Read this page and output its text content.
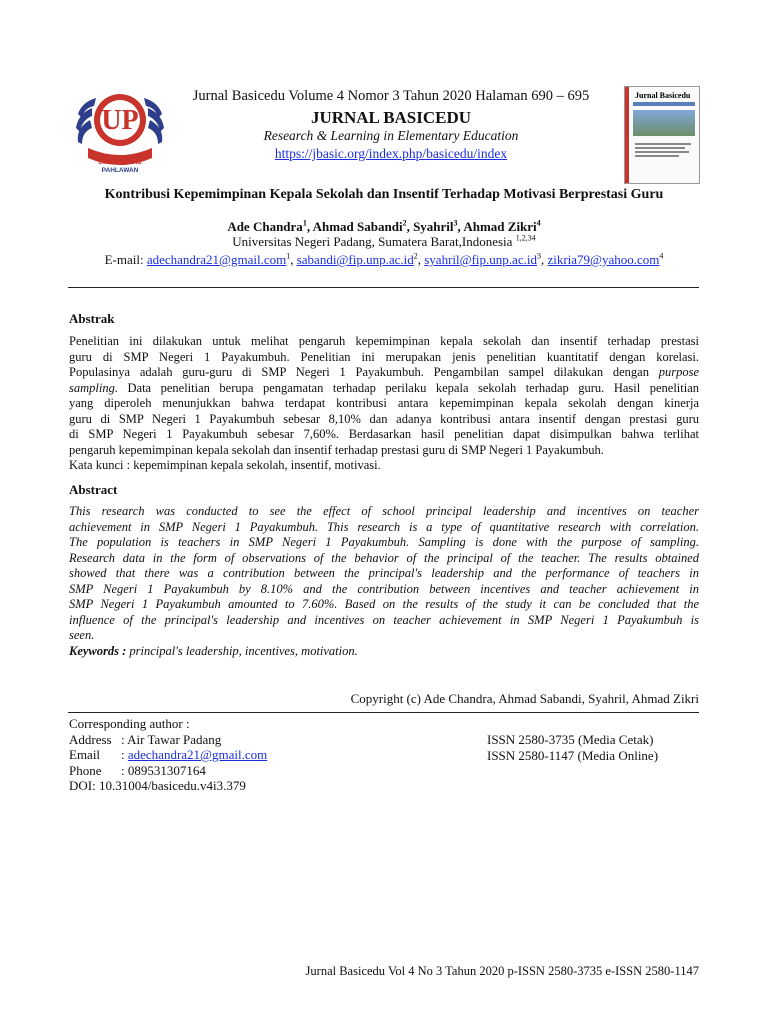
UP
UNIVERSITAS
PAHLAWAN
Jurnal Basicedu Volume 4 Nomor 3 Tahun 2020 Halaman 690 – 695
JURNAL BASICEDU
Research & Learning in Elementary Education
https://jbasic.org/index.php/basicedu/index
Jurnal Basicedu
Kontribusi Kepemimpinan Kepala Sekolah dan Insentif Terhadap Motivasi Berprestasi Guru
Ade Chandra$^1$, Ahmad Sabandi$^2$, Syahril$^3$, Ahmad Zikri$^4$
Universitas Negeri Padang, Sumatera Barat,Indonesia $^{1,2,34}$
E-mail: adechandra21@gmail.com$^1$, $sabandi@fip.unp.ac.id^2$, $syahril@fip.unp.ac.id^3$, zikria79@yahoo.com$^4$
Abstrak
Penelitian ini dilakukan untuk melihat pengaruh kepemimpinan kepala sekolah dan insentif terhadap prestasi
guru di SMP Negeri 1 Payakumbuh. Penelitian ini merupakan jenis penelitian kuantitatif dengan korelasi.
Populasinya adalah guru-guru di SMP Negeri 1 Payakumbuh. Pengambilan sampel dilakukan dengan purpose
sampling. Data penelitian berupa pengamatan terhadap perilaku kepala sekolah terhadap guru. Hasil penelitian
yang diperoleh menunjukkan bahwa terdapat kontribusi antara kepemimpinan kepala sekolah dengan kinerja
guru di SMP Negeri 1 Payakumbuh sebesar 8,10% dan adanya kontribusi antara insentif dengan prestasi guru
di SMP Negeri 1 Payakumbuh sebesar 7,60%. Berdasarkan hasil penelitian dapat disimpulkan bahwa terlihat
pengaruh kepemimpinan kepala sekolah dan insentif terhadap prestasi guru di SMP Negeri 1 Payakumbuh.
Kata kunci : kepemimpinan kepala sekolah, insentif, motivasi.
Abstract
This research was conducted to see the effect of school principal leadership and incentives on teacher
achievement in SMP Negeri 1 Payakumbuh. This research is a type of quantitative research with correlation.
The population is teachers in SMP Negeri 1 Payakumbuh. Sampling is done with the purpose of sampling.
Research data in the form of observations of the behavior of the principal of the teacher. The results obtained
showed that there was a contribution between the principal's leadership and the performance of teachers in
SMP Negeri 1 Payakumbuh by 8.10% and the contribution between incentives and teacher achievement in
SMP Negeri 1 Payakumbuh amounted to 7.60%. Based on the results of the study it can be concluded that the
influence of the principal's leadership and incentives on teacher achievement in SMP Negeri 1 Payakumbuh is
seen.
Keywords : principal's leadership, incentives, motivation.
Copyright (c) Ade Chandra, Ahmad Sabandi, Syahril, Ahmad Zikri
Corresponding author :
Address : Air Tawar Padang
Email : adechandra21@gmail.com
Phone : 089531307164
DOI: 10.31004/basicedu.v4i3.379
ISSN 2580-3735 (Media Cetak)
ISSN 2580-1147 (Media Online)
Jurnal Basicedu Vol 4 No 3 Tahun 2020 p-ISSN 2580-3735 e-ISSN 2580-1147
